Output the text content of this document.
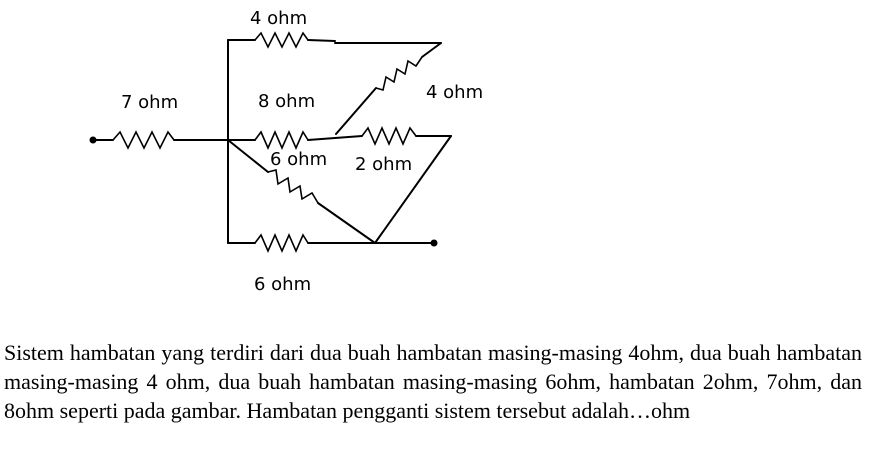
4 ohm
7 ohm	8 ohm	4 ohm
6 ohm 2 ohm
6 ohm

Sistem hambatan yang terdiri dari dua buah hambatan masing-masing 4ohm, dua buah hambatan masing-masing 4 ohm, dua buah hambatan masing-masing 6ohm, hambatan 2ohm, 7ohm, dan 8ohm seperti pada gambar. Hambatan pengganti sistem tersebut adalah…ohm
